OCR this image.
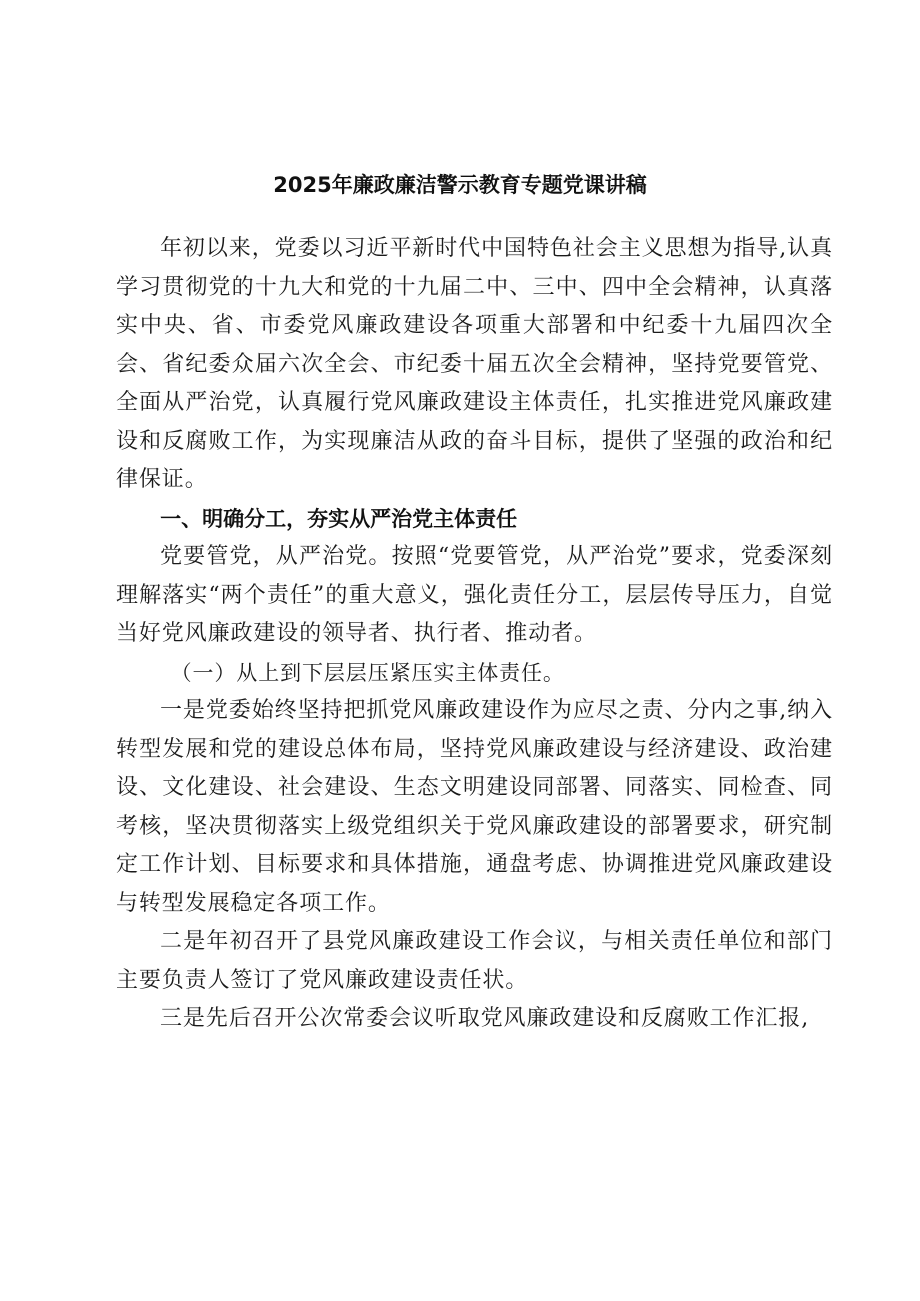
2025年廉政廉洁警示教育专题党课讲稿

年初以来，党委以习近平新时代中国特色社会主义思想为指导,认真学习贯彻党的十九大和党的十九届二中、三中、四中全会精神，认真落实中央、省、市委党风廉政建设各项重大部署和中纪委十九届四次全会、省纪委众届六次全会、市纪委十届五次全会精神，坚持党要管党、全面从严治党，认真履行党风廉政建设主体责任，扎实推进党风廉政建设和反腐败工作，为实现廉洁从政的奋斗目标，提供了坚强的政治和纪律保证。

一、明确分工，夯实从严治党主体责任

党要管党，从严治党。按照“党要管党，从严治党”要求，党委深刻理解落实“两个责任”的重大意义，强化责任分工，层层传导压力，自觉当好党风廉政建设的领导者、执行者、推动者。

（一）从上到下层层压紧压实主体责任。

一是党委始终坚持把抓党风廉政建设作为应尽之责、分内之事,纳入转型发展和党的建设总体布局，坚持党风廉政建设与经济建设、政治建设、文化建设、社会建设、生态文明建设同部署、同落实、同检查、同考核，坚决贯彻落实上级党组织关于党风廉政建设的部署要求，研究制定工作计划、目标要求和具体措施，通盘考虑、协调推进党风廉政建设与转型发展稳定各项工作。

二是年初召开了县党风廉政建设工作会议，与相关责任单位和部门主要负责人签订了党风廉政建设责任状。

三是先后召开公次常委会议听取党风廉政建设和反腐败工作汇报,
